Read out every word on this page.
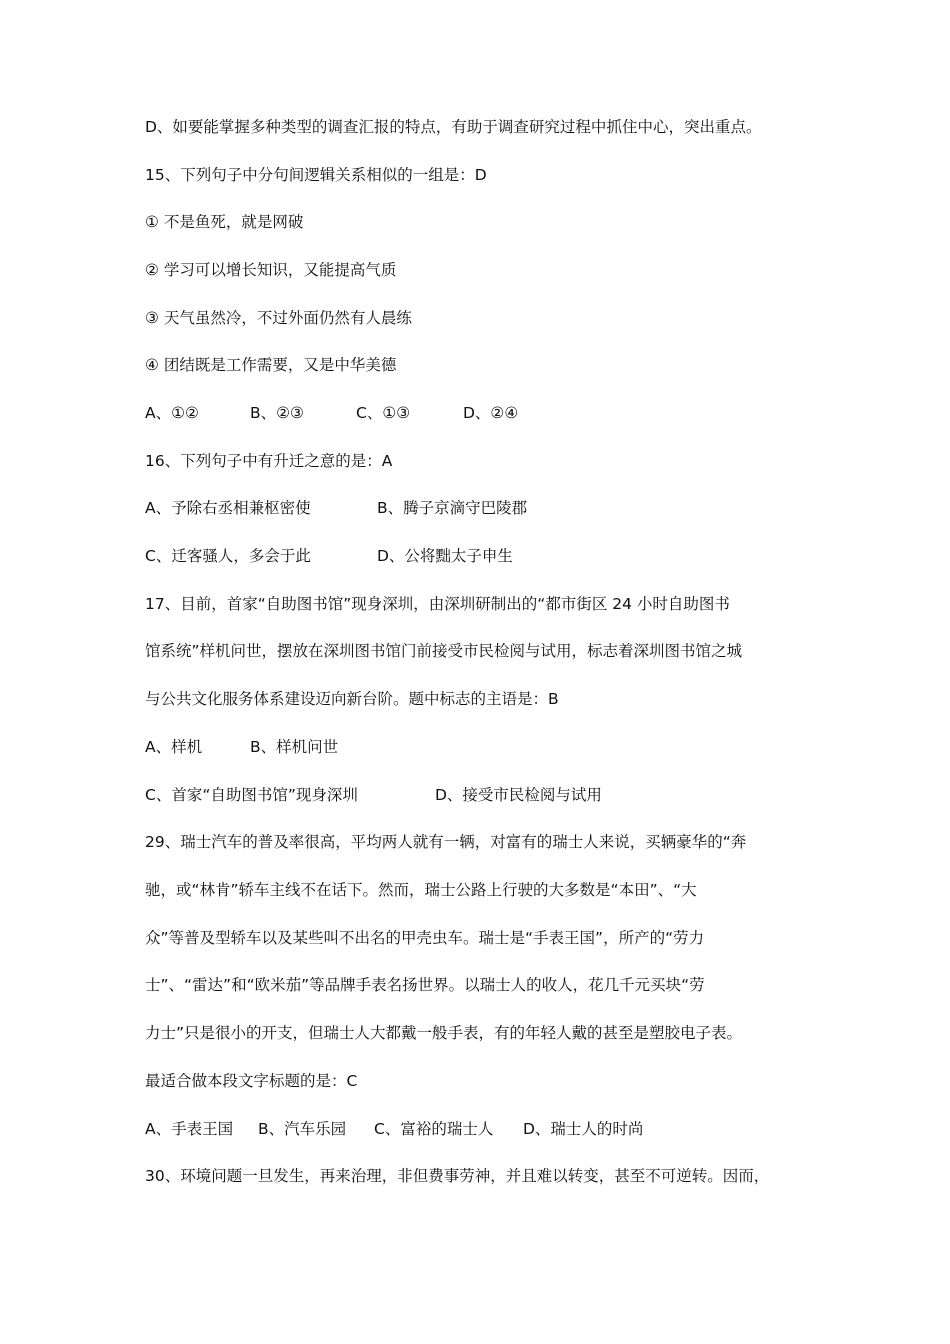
D、如要能掌握多种类型的调查汇报的特点，有助于调查研究过程中抓住中心，突出重点。
15、下列句子中分句间逻辑关系相似的一组是：D
① 不是鱼死，就是网破
② 学习可以增长知识，又能提高气质
③ 天气虽然冷，不过外面仍然有人晨练
④ 团结既是工作需要，又是中华美德
A、①②	B、②③	C、①③	D、②④
16、下列句子中有升迁之意的是：A
A、予除右丞相兼枢密使	B、腾子京滴守巴陵郡
C、迁客骚人，多会于此	D、公将黜太子申生
17、目前，首家“自助图书馆”现身深圳，由深圳研制出的“都市街区 24 小时自助图书
馆系统”样机问世，摆放在深圳图书馆门前接受市民检阅与试用，标志着深圳图书馆之城
与公共文化服务体系建设迈向新台阶。题中标志的主语是：B
A、样机	B、样机问世
C、首家“自助图书馆”现身深圳	D、接受市民检阅与试用
29、瑞士汽车的普及率很高，平均两人就有一辆，对富有的瑞士人来说，买辆豪华的“奔
驰，或“林肯”轿车主线不在话下。然而，瑞士公路上行驶的大多数是“本田”、“大
众”等普及型轿车以及某些叫不出名的甲壳虫车。瑞士是“手表王国”，所产的“劳力
士”、“雷达”和“欧米茄”等品牌手表名扬世界。以瑞士人的收人，花几千元买块“劳
力士”只是很小的开支，但瑞士人大都戴一般手表，有的年轻人戴的甚至是塑胶电子表。
最适合做本段文字标题的是：C
A、手表王国 B、汽车乐园 C、富裕的瑞士人 D、瑞士人的时尚
30、环境问题一旦发生，再来治理，非但费事劳神，并且难以转变，甚至不可逆转。因而，
